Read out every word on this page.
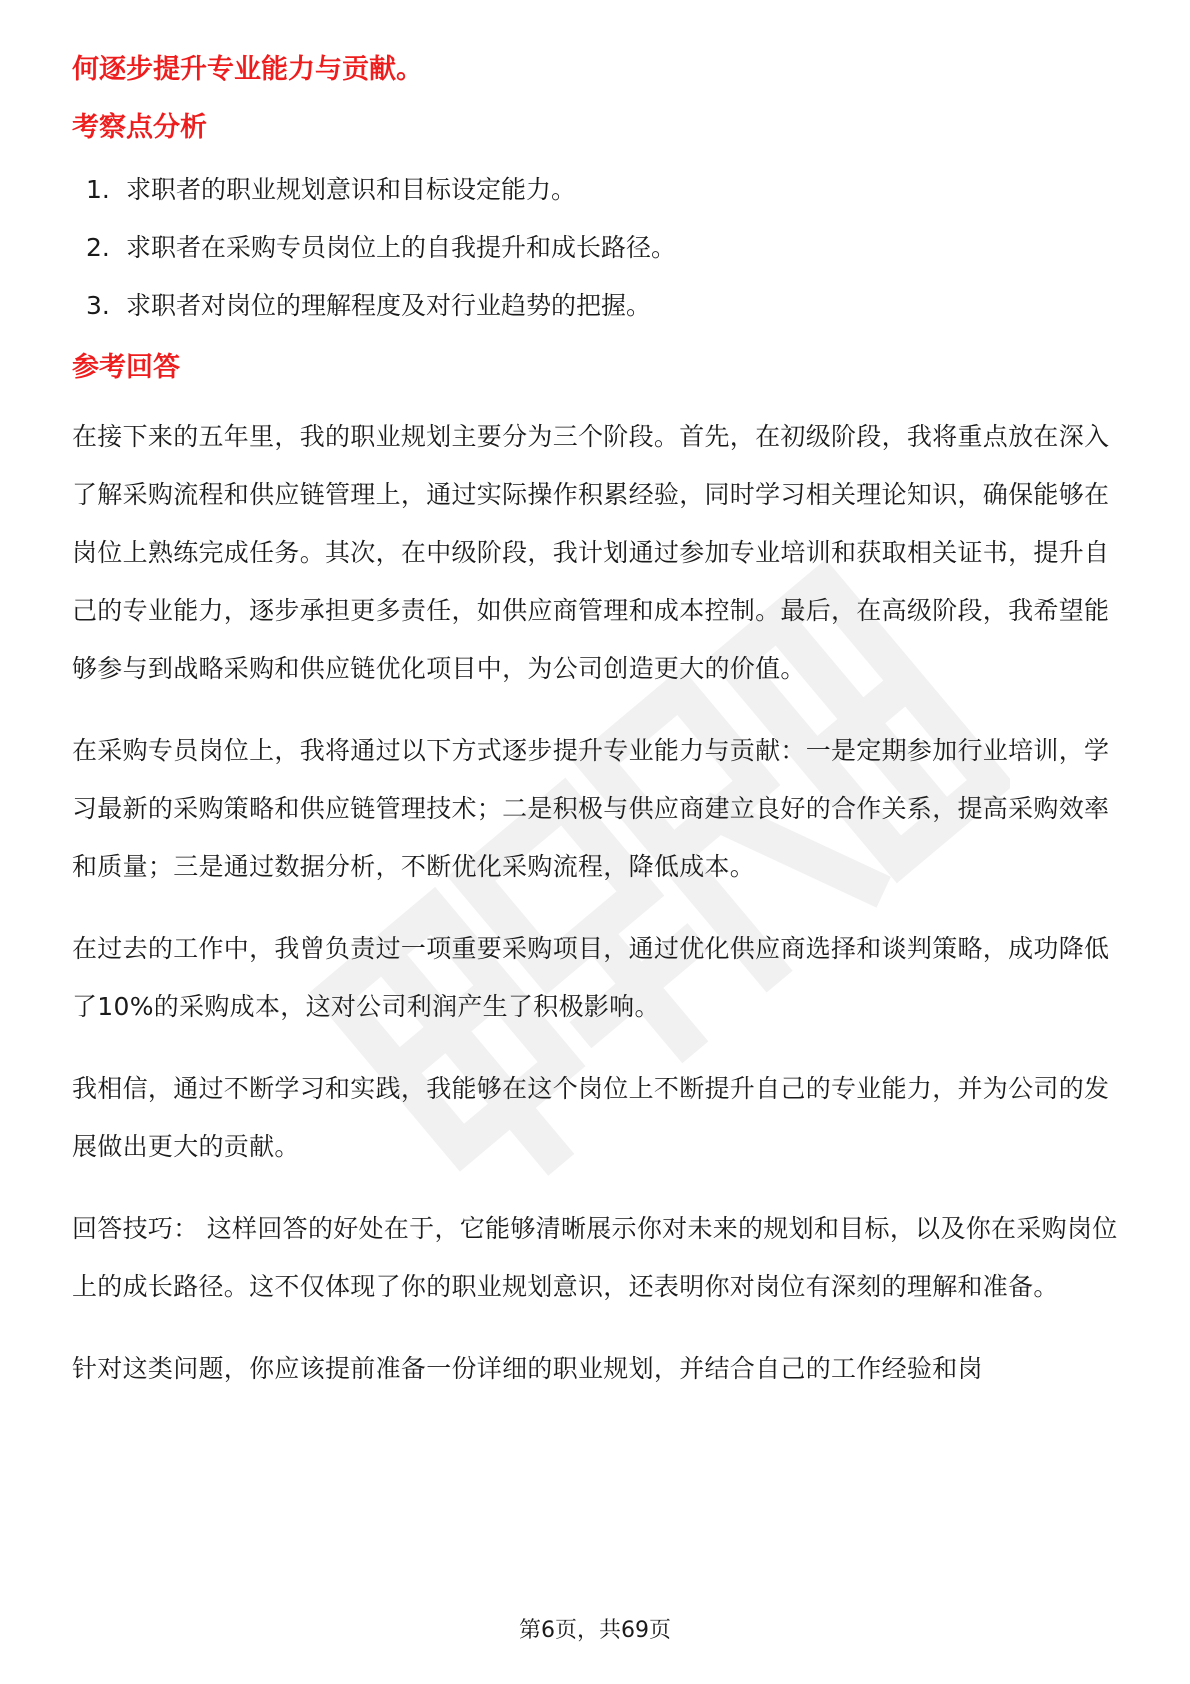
何逐步提升专业能力与贡献。
考察点分析
1. 求职者的职业规划意识和目标设定能力。
2. 求职者在采购专员岗位上的自我提升和成长路径。
3. 求职者对岗位的理解程度及对行业趋势的把握。
参考回答

在接下来的五年里，我的职业规划主要分为三个阶段。首先，在初级阶段，我将重点放在深入了解采购流程和供应链管理上，通过实际操作积累经验，同时学习相关理论知识，确保能够在岗位上熟练完成任务。其次，在中级阶段，我计划通过参加专业培训和获取相关证书，提升自己的专业能力，逐步承担更多责任，如供应商管理和成本控制。最后，在高级阶段，我希望能够参与到战略采购和供应链优化项目中，为公司创造更大的价值。

在采购专员岗位上，我将通过以下方式逐步提升专业能力与贡献：一是定期参加行业培训，学习最新的采购策略和供应链管理技术；二是积极与供应商建立良好的合作关系，提高采购效率和质量；三是通过数据分析，不断优化采购流程，降低成本。

在过去的工作中，我曾负责过一项重要采购项目，通过优化供应商选择和谈判策略，成功降低了10%的采购成本，这对公司利润产生了积极影响。

我相信，通过不断学习和实践，我能够在这个岗位上不断提升自己的专业能力，并为公司的发展做出更大的贡献。

回答技巧： 这样回答的好处在于，它能够清晰展示你对未来的规划和目标，以及你在采购岗位上的成长路径。这不仅体现了你的职业规划意识，还表明你对岗位有深刻的理解和准备。

针对这类问题，你应该提前准备一份详细的职业规划，并结合自己的工作经验和岗

第6页，共69页
